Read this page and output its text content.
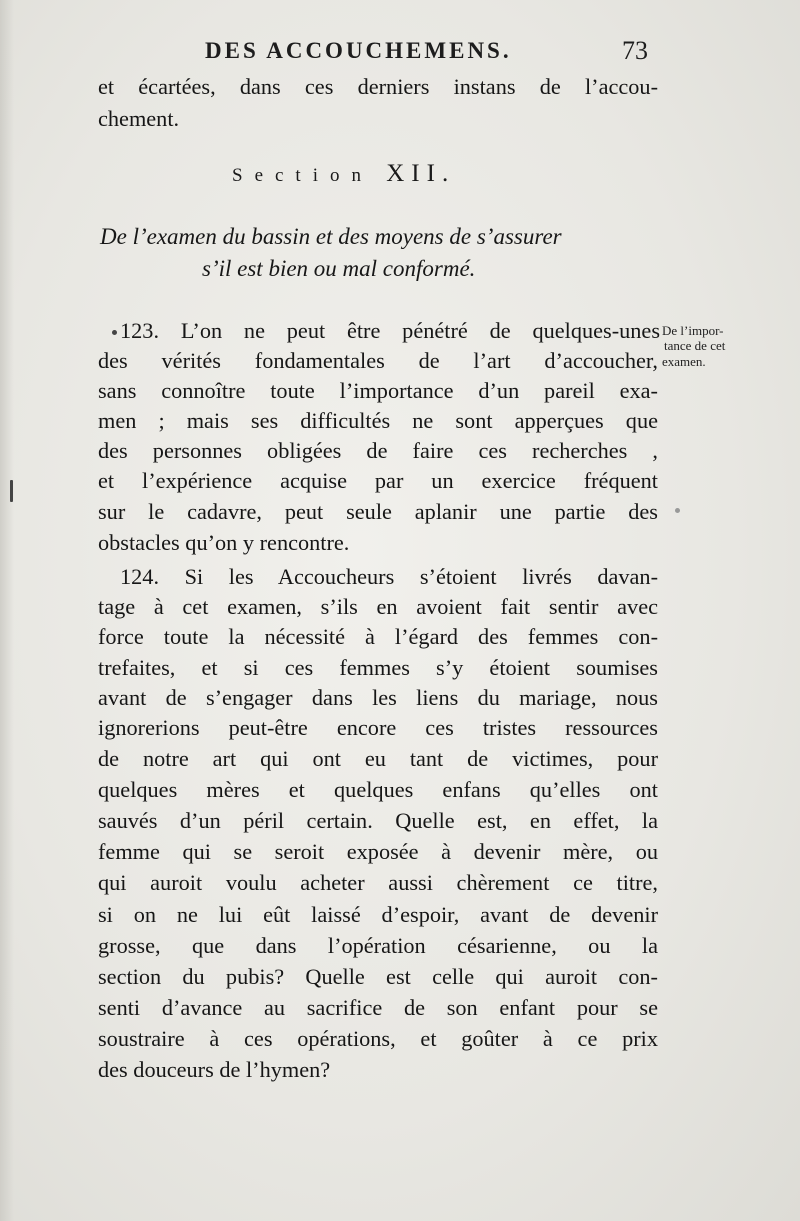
DES ACCOUCHEMENS.	73
et écartées, dans ces derniers instans de l’accou-
chement.
Section XII.
De l’examen du bassin et des moyens de s’assurer
s’il est bien ou mal conformé.
De l’impor-
tance de cet
examen.
123. L’on ne peut être pénétré de quelques-unes
des vérités fondamentales de l’art d’accoucher,
sans connoître toute l’importance d’un pareil exa-
men ; mais ses difficultés ne sont apperçues que
des personnes obligées de faire ces recherches ,
et l’expérience acquise par un exercice fréquent
sur le cadavre, peut seule aplanir une partie des
obstacles qu’on y rencontre.
124. Si les Accoucheurs s’étoient livrés davan-
tage à cet examen, s’ils en avoient fait sentir avec
force toute la nécessité à l’égard des femmes con-
trefaites, et si ces femmes s’y étoient soumises
avant de s’engager dans les liens du mariage, nous
ignorerions peut-être encore ces tristes ressources
de notre art qui ont eu tant de victimes, pour
quelques mères et quelques enfans qu’elles ont
sauvés d’un péril certain. Quelle est, en effet, la
femme qui se seroit exposée à devenir mère, ou
qui auroit voulu acheter aussi chèrement ce titre,
si on ne lui eût laissé d’espoir, avant de devenir
grosse, que dans l’opération césarienne, ou la
section du pubis? Quelle est celle qui auroit con-
senti d’avance au sacrifice de son enfant pour se
soustraire à ces opérations, et goûter à ce prix
des douceurs de l’hymen?
